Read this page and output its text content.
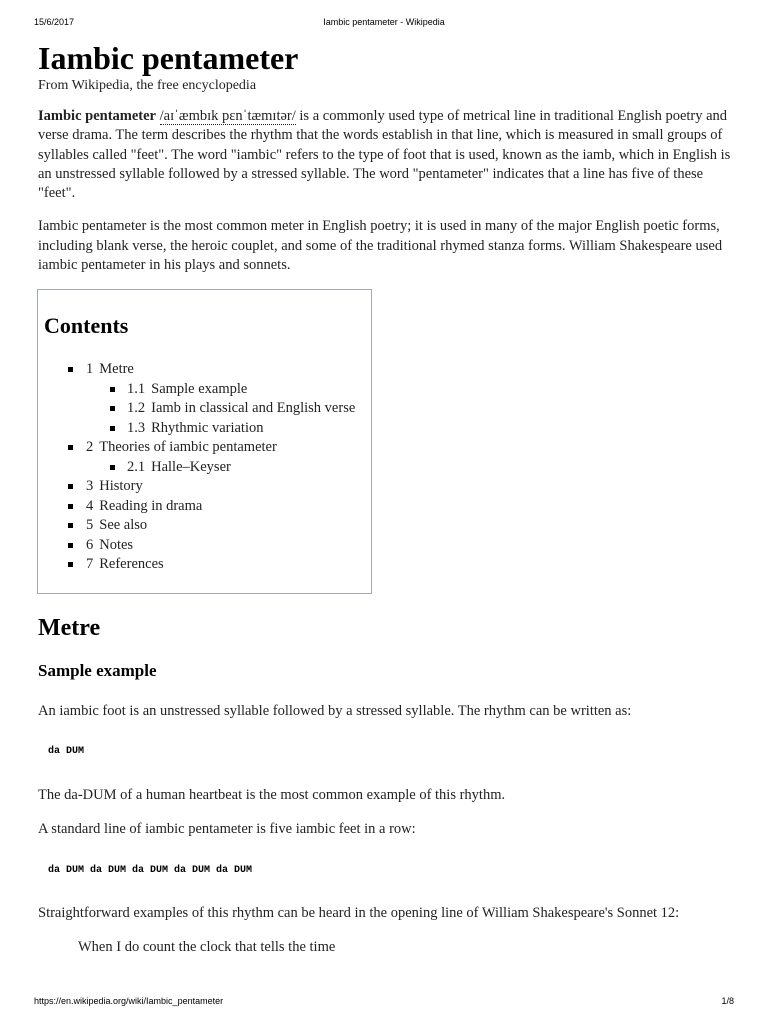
15/6/2017	Iambic pentameter - Wikipedia
Iambic pentameter
From Wikipedia, the free encyclopedia

Iambic pentameter /aɪˈæmbɪk pɛnˈtæmɪtər/ is a commonly used type of metrical line in traditional English poetry and verse drama. The term describes the rhythm that the words establish in that line, which is measured in small groups of syllables called "feet". The word "iambic" refers to the type of foot that is used, known as the iamb, which in English is an unstressed syllable followed by a stressed syllable. The word "pentameter" indicates that a line has five of these "feet".

Iambic pentameter is the most common meter in English poetry; it is used in many of the major English poetic forms, including blank verse, the heroic couplet, and some of the traditional rhymed stanza forms. William Shakespeare used iambic pentameter in his plays and sonnets.

Contents
1 Metre
1.1 Sample example
1.2 Iamb in classical and English verse
1.3 Rhythmic variation
2 Theories of iambic pentameter
2.1 Halle–Keyser
3 History
4 Reading in drama
5 See also
6 Notes
7 References
Metre
Sample example

An iambic foot is an unstressed syllable followed by a stressed syllable. The rhythm can be written as:

da DUM

The da-DUM of a human heartbeat is the most common example of this rhythm.

A standard line of iambic pentameter is five iambic feet in a row:

da DUM da DUM da DUM da DUM da DUM

Straightforward examples of this rhythm can be heard in the opening line of William Shakespeare's Sonnet 12:

When I do count the clock that tells the time
https://en.wikipedia.org/wiki/Iambic_pentameter	1/8
